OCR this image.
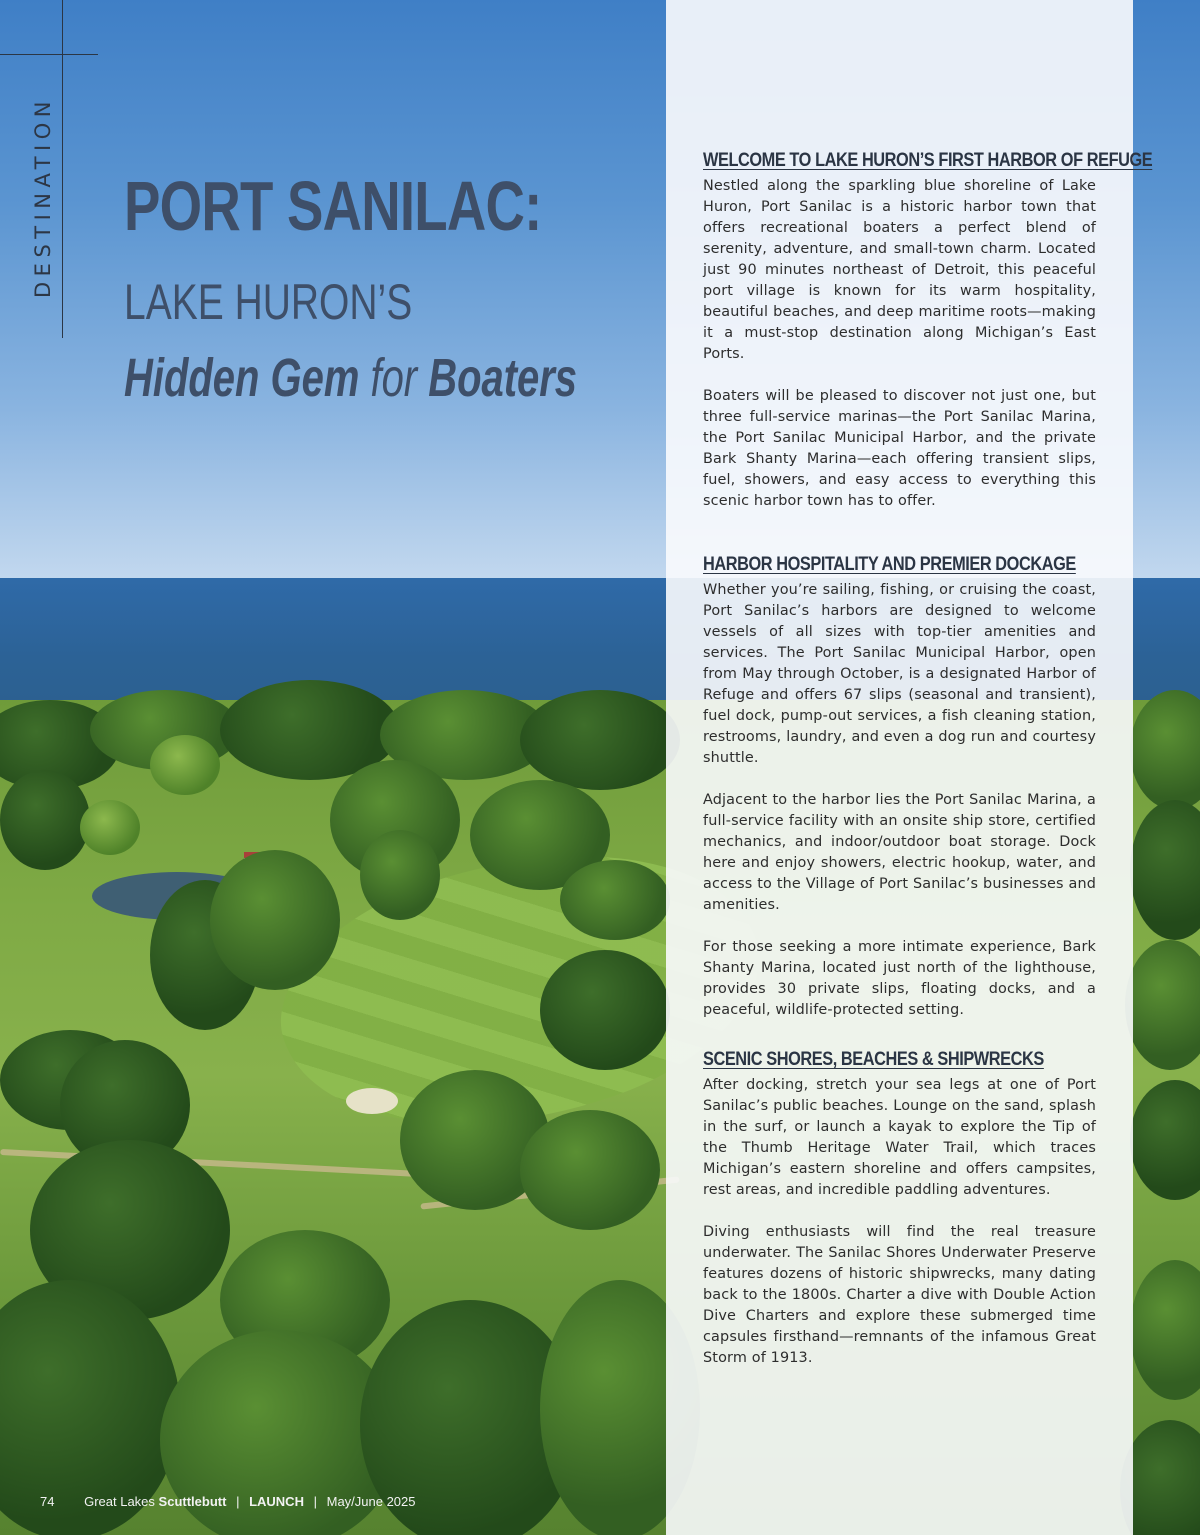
DESTINATION PORT SANILAC:
LAKE HURON’S
Hidden Gem for Boaters
WELCOME TO LAKE HURON’S FIRST HARBOR OF REFUGE

Nestled along the sparkling blue shoreline of Lake Huron, Port Sanilac is a historic harbor town that offers recreational boaters a perfect blend of serenity, adventure, and small-town charm. Located just 90 minutes northeast of Detroit, this peaceful port village is known for its warm hospitality, beautiful beaches, and deep maritime roots—making it a must-stop destination along Michigan’s East Ports.

Boaters will be pleased to discover not just one, but three full-service marinas—the Port Sanilac Marina, the Port Sanilac Municipal Harbor, and the private Bark Shanty Marina—each offering transient slips, fuel, showers, and easy access to everything this scenic harbor town has to offer.

HARBOR HOSPITALITY AND PREMIER DOCKAGE

Whether you’re sailing, fishing, or cruising the coast, Port Sanilac’s harbors are designed to welcome vessels of all sizes with top-tier amenities and services. The Port Sanilac Municipal Harbor, open from May through October, is a designated Harbor of Refuge and offers 67 slips (seasonal and transient), fuel dock, pump-out services, a fish cleaning station, restrooms, laundry, and even a dog run and courtesy shuttle.

Adjacent to the harbor lies the Port Sanilac Marina, a full-service facility with an onsite ship store, certified mechanics, and indoor/outdoor boat storage. Dock here and enjoy showers, electric hookup, water, and access to the Village of Port Sanilac’s businesses and amenities.

For those seeking a more intimate experience, Bark Shanty Marina, located just north of the lighthouse, provides 30 private slips, floating docks, and a peaceful, wildlife-protected setting.

SCENIC SHORES, BEACHES & SHIPWRECKS

After docking, stretch your sea legs at one of Port Sanilac’s public beaches. Lounge on the sand, splash in the surf, or launch a kayak to explore the Tip of the Thumb Heritage Water Trail, which traces Michigan’s eastern shoreline and offers campsites, rest areas, and incredible paddling adventures.

Diving enthusiasts will find the real treasure underwater. The Sanilac Shores Underwater Preserve features dozens of historic shipwrecks, many dating back to the 1800s. Charter a dive with Double Action Dive Charters and explore these submerged time capsules firsthand—remnants of the infamous Great Storm of 1913.

74 Great Lakes Scuttlebutt | LAUNCH | May/June 2025
